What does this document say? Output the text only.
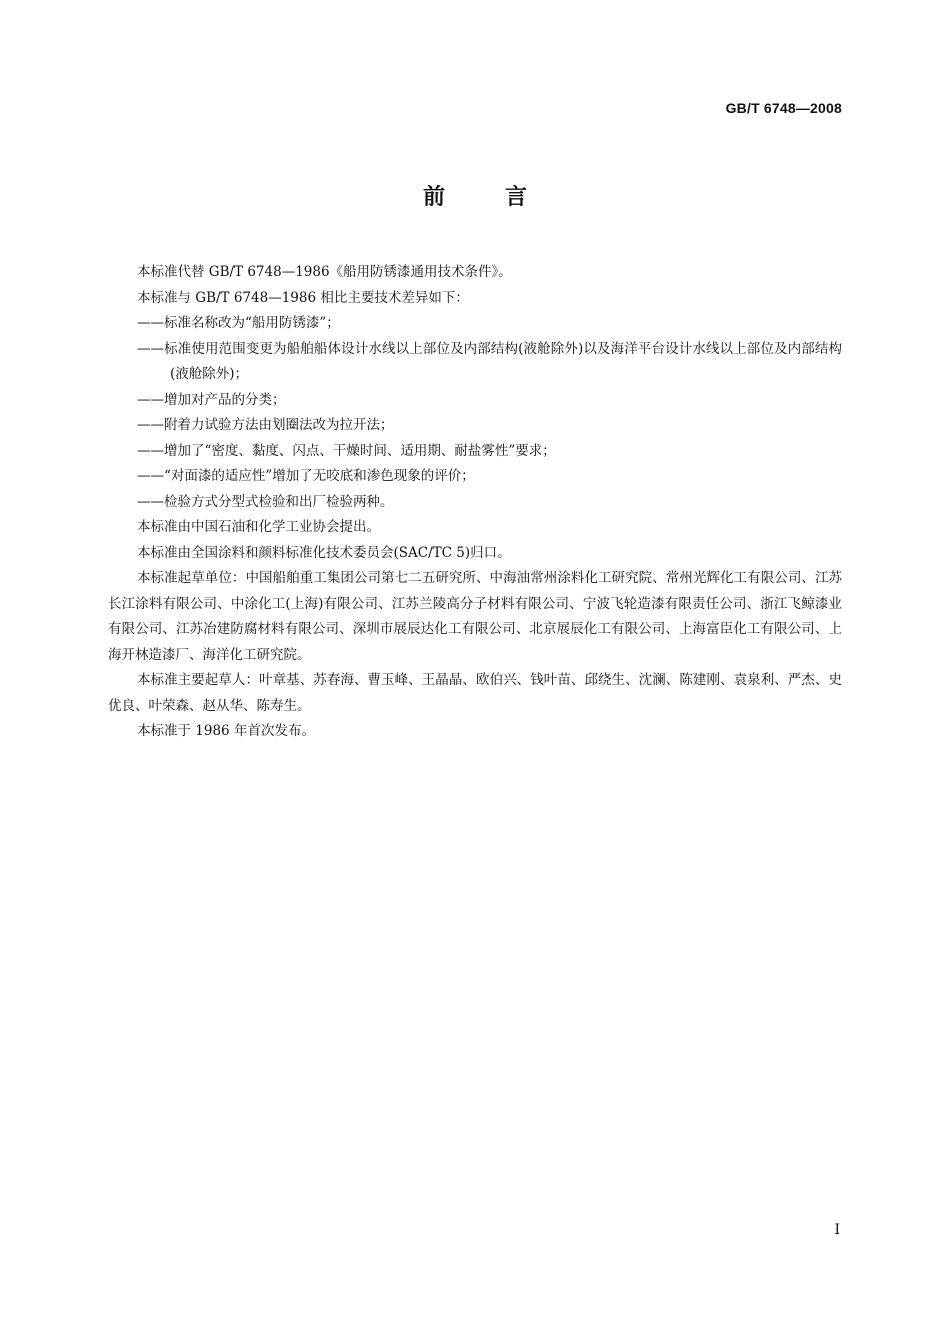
GB/T 6748—2008
前言

本标准代替 GB/T 6748—1986《船用防锈漆通用技术条件》。

本标准与 GB/T 6748—1986 相比主要技术差异如下：

——标准名称改为“船用防锈漆”；

——标准使用范围变更为船舶船体设计水线以上部位及内部结构(液舱除外)以及海洋平台设计水线以上部位及内部结构(液舱除外)；

——增加对产品的分类；

——附着力试验方法由划圈法改为拉开法；

——增加了“密度、黏度、闪点、干燥时间、适用期、耐盐雾性”要求；

——“对面漆的适应性”增加了无咬底和渗色现象的评价；

——检验方式分型式检验和出厂检验两种。

本标准由中国石油和化学工业协会提出。

本标准由全国涂料和颜料标准化技术委员会(SAC/TC 5)归口。

本标准起草单位：中国船舶重工集团公司第七二五研究所、中海油常州涂料化工研究院、常州光辉化工有限公司、江苏长江涂料有限公司、中涂化工(上海)有限公司、江苏兰陵高分子材料有限公司、宁波飞轮造漆有限责任公司、浙江飞鲸漆业有限公司、江苏冶建防腐材料有限公司、深圳市展辰达化工有限公司、北京展辰化工有限公司、上海富臣化工有限公司、上海开林造漆厂、海洋化工研究院。

本标准主要起草人：叶章基、苏春海、曹玉峰、王晶晶、欧伯兴、钱叶苗、邱绕生、沈澜、陈建刚、袁泉利、严杰、史优良、叶荣森、赵从华、陈寿生。

本标准于 1986 年首次发布。

I
